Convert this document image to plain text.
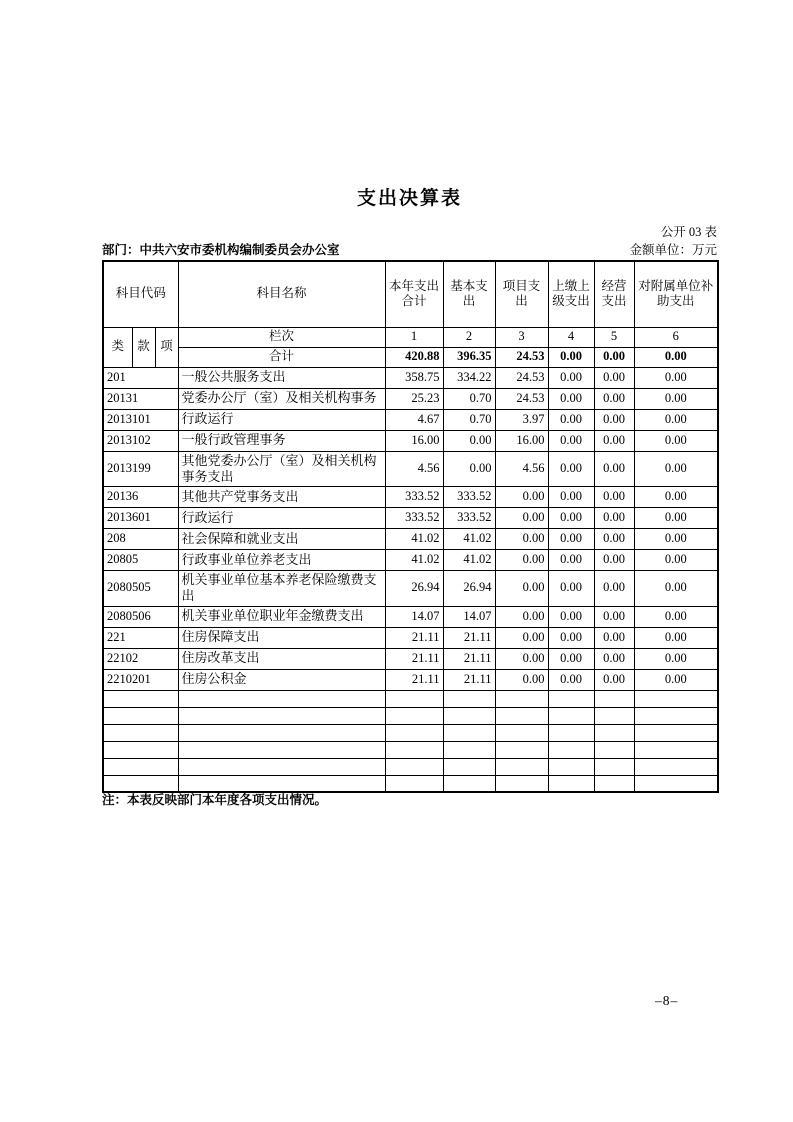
支出决算表
公开 03 表
部门：中共六安市委机构编制委员会办公室	金额单位：万元
科目代码			科目名称	本年支出合计	基本支出	项目支出	上缴上级支出	经营支出	对附属单位补助支出
类	款	项	栏次	1	2	3	4	5	6
			合计	420.88	396.35	24.53	0.00	0.00	0.00
201			一般公共服务支出	358.75	334.22	24.53	0.00	0.00	0.00
20131			党委办公厅（室）及相关机构事务	25.23	0.70	24.53	0.00	0.00	0.00
2013101			行政运行	4.67	0.70	3.97	0.00	0.00	0.00
2013102			一般行政管理事务	16.00	0.00	16.00	0.00	0.00	0.00
2013199			其他党委办公厅（室）及相关机构事务支出	4.56	0.00	4.56	0.00	0.00	0.00
20136			其他共产党事务支出	333.52	333.52	0.00	0.00	0.00	0.00
2013601			行政运行	333.52	333.52	0.00	0.00	0.00	0.00
208			社会保障和就业支出	41.02	41.02	0.00	0.00	0.00	0.00
20805			行政事业单位养老支出	41.02	41.02	0.00	0.00	0.00	0.00
2080505			机关事业单位基本养老保险缴费支出	26.94	26.94	0.00	0.00	0.00	0.00
2080506			机关事业单位职业年金缴费支出	14.07	14.07	0.00	0.00	0.00	0.00
221			住房保障支出	21.11	21.11	0.00	0.00	0.00	0.00
22102			住房改革支出	21.11	21.11	0.00	0.00	0.00	0.00
2210201			住房公积金	21.11	21.11	0.00	0.00	0.00	0.00

注：本表反映部门本年度各项支出情况。
–8–
